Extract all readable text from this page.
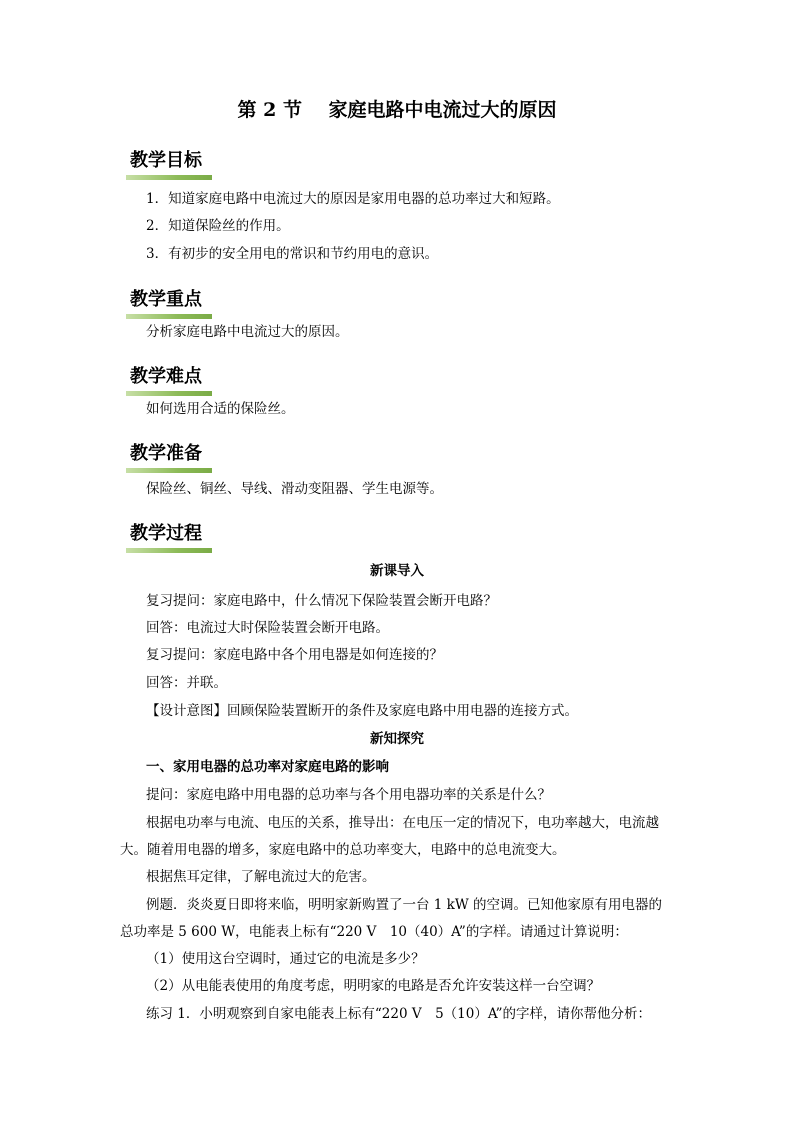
第 2 节    家庭电路中电流过大的原因
教学目标
1．知道家庭电路中电流过大的原因是家用电器的总功率过大和短路。
2．知道保险丝的作用。
3．有初步的安全用电的常识和节约用电的意识。
教学重点
分析家庭电路中电流过大的原因。
教学难点
如何选用合适的保险丝。
教学准备
保险丝、铜丝、导线、滑动变阻器、学生电源等。
教学过程
新课导入
复习提问：家庭电路中，什么情况下保险装置会断开电路？
回答：电流过大时保险装置会断开电路。
复习提问：家庭电路中各个用电器是如何连接的？
回答：并联。
【设计意图】回顾保险装置断开的条件及家庭电路中用电器的连接方式。
新知探究
一、家用电器的总功率对家庭电路的影响
提问：家庭电路中用电器的总功率与各个用电器功率的关系是什么？
根据电功率与电流、电压的关系，推导出：在电压一定的情况下，电功率越大，电流越
大。随着用电器的增多，家庭电路中的总功率变大，电路中的总电流变大。
根据焦耳定律，了解电流过大的危害。
例题．炎炎夏日即将来临，明明家新购置了一台 1 kW 的空调。已知他家原有用电器的
总功率是 5 600 W，电能表上标有“220 V　10（40）A”的字样。请通过计算说明：
（1）使用这台空调时，通过它的电流是多少？
（2）从电能表使用的角度考虑，明明家的电路是否允许安装这样一台空调？
练习 1．小明观察到自家电能表上标有“220 V　5（10）A”的字样，请你帮他分析：
